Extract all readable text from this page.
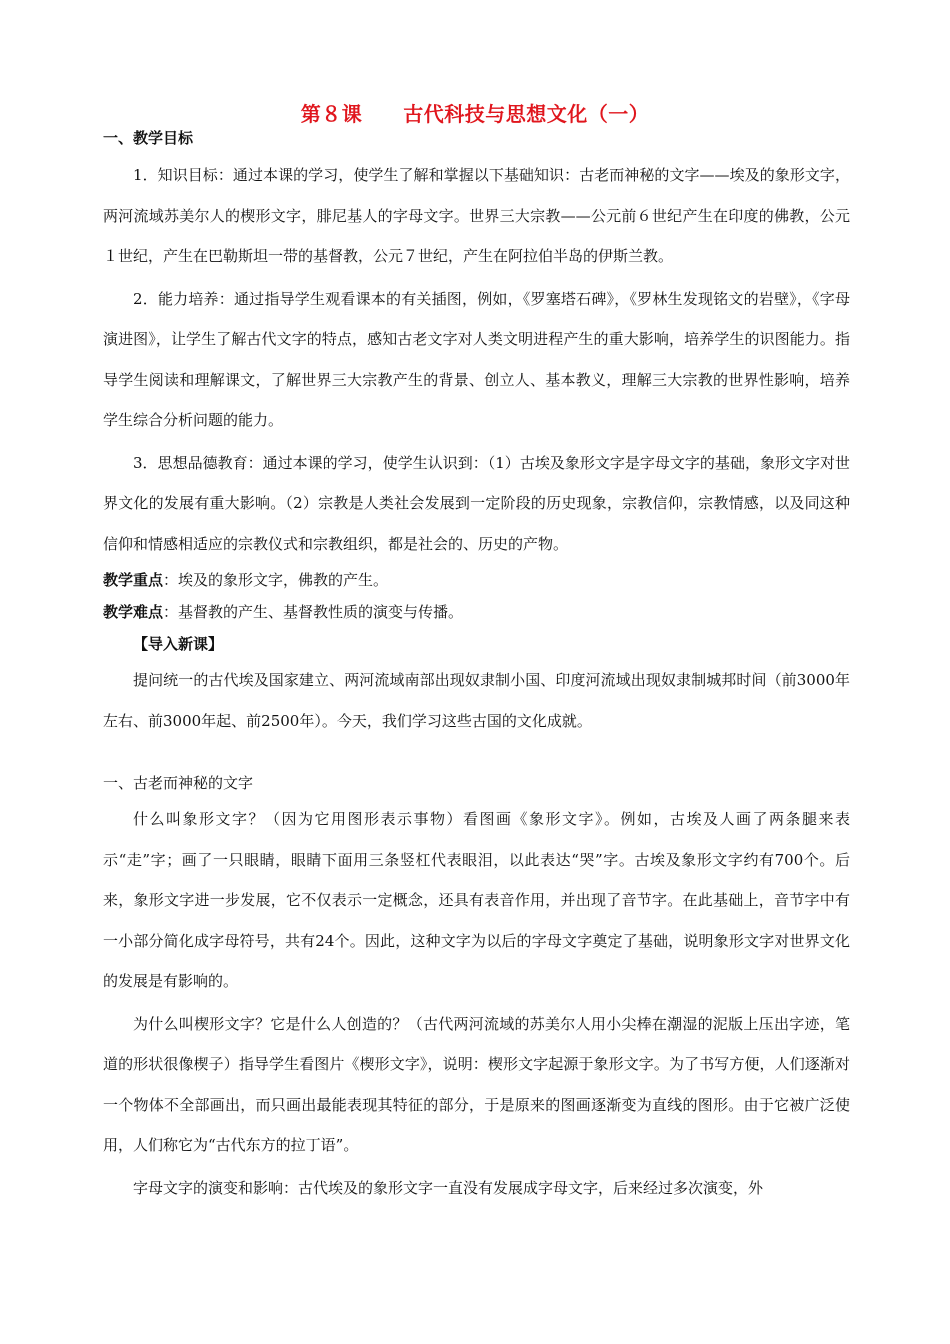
第８课　　古代科技与思想文化（一）

一、教学目标

1．知识目标：通过本课的学习，使学生了解和掌握以下基础知识：古老而神秘的文字——埃及的象形文字，两河流域苏美尔人的楔形文字，腓尼基人的字母文字。世界三大宗教——公元前６世纪产生在印度的佛教，公元１世纪，产生在巴勒斯坦一带的基督教，公元７世纪，产生在阿拉伯半岛的伊斯兰教。

2．能力培养：通过指导学生观看课本的有关插图，例如，《罗塞塔石碑》，《罗林生发现铭文的岩壁》，《字母演进图》，让学生了解古代文字的特点，感知古老文字对人类文明进程产生的重大影响，培养学生的识图能力。指导学生阅读和理解课文，了解世界三大宗教产生的背景、创立人、基本教义，理解三大宗教的世界性影响，培养学生综合分析问题的能力。

3．思想品德教育：通过本课的学习，使学生认识到：（1）古埃及象形文字是字母文字的基础，象形文字对世界文化的发展有重大影响。（2）宗教是人类社会发展到一定阶段的历史现象，宗教信仰，宗教情感，以及同这种信仰和情感相适应的宗教仪式和宗教组织，都是社会的、历史的产物。

教学重点：埃及的象形文字，佛教的产生。

教学难点：基督教的产生、基督教性质的演变与传播。

【导入新课】

提问统一的古代埃及国家建立、两河流域南部出现奴隶制小国、印度河流域出现奴隶制城邦时间（前3000年左右、前3000年起、前2500年）。今天，我们学习这些古国的文化成就。

一、古老而神秘的文字

什么叫象形文字？（因为它用图形表示事物）看图画《象形文字》。例如，古埃及人画了两条腿来表示“走”字；画了一只眼睛，眼睛下面用三条竖杠代表眼泪，以此表达“哭”字。古埃及象形文字约有700个。后来，象形文字进一步发展，它不仅表示一定概念，还具有表音作用，并出现了音节字。在此基础上，音节字中有一小部分简化成字母符号，共有24个。因此，这种文字为以后的字母文字奠定了基础，说明象形文字对世界文化的发展是有影响的。

为什么叫楔形文字？它是什么人创造的？（古代两河流域的苏美尔人用小尖棒在潮湿的泥版上压出字迹，笔道的形状很像楔子）指导学生看图片《楔形文字》，说明：楔形文字起源于象形文字。为了书写方便，人们逐渐对一个物体不全部画出，而只画出最能表现其特征的部分，于是原来的图画逐渐变为直线的图形。由于它被广泛使用，人们称它为“古代东方的拉丁语”。

字母文字的演变和影响：古代埃及的象形文字一直没有发展成字母文字，后来经过多次演变，外
